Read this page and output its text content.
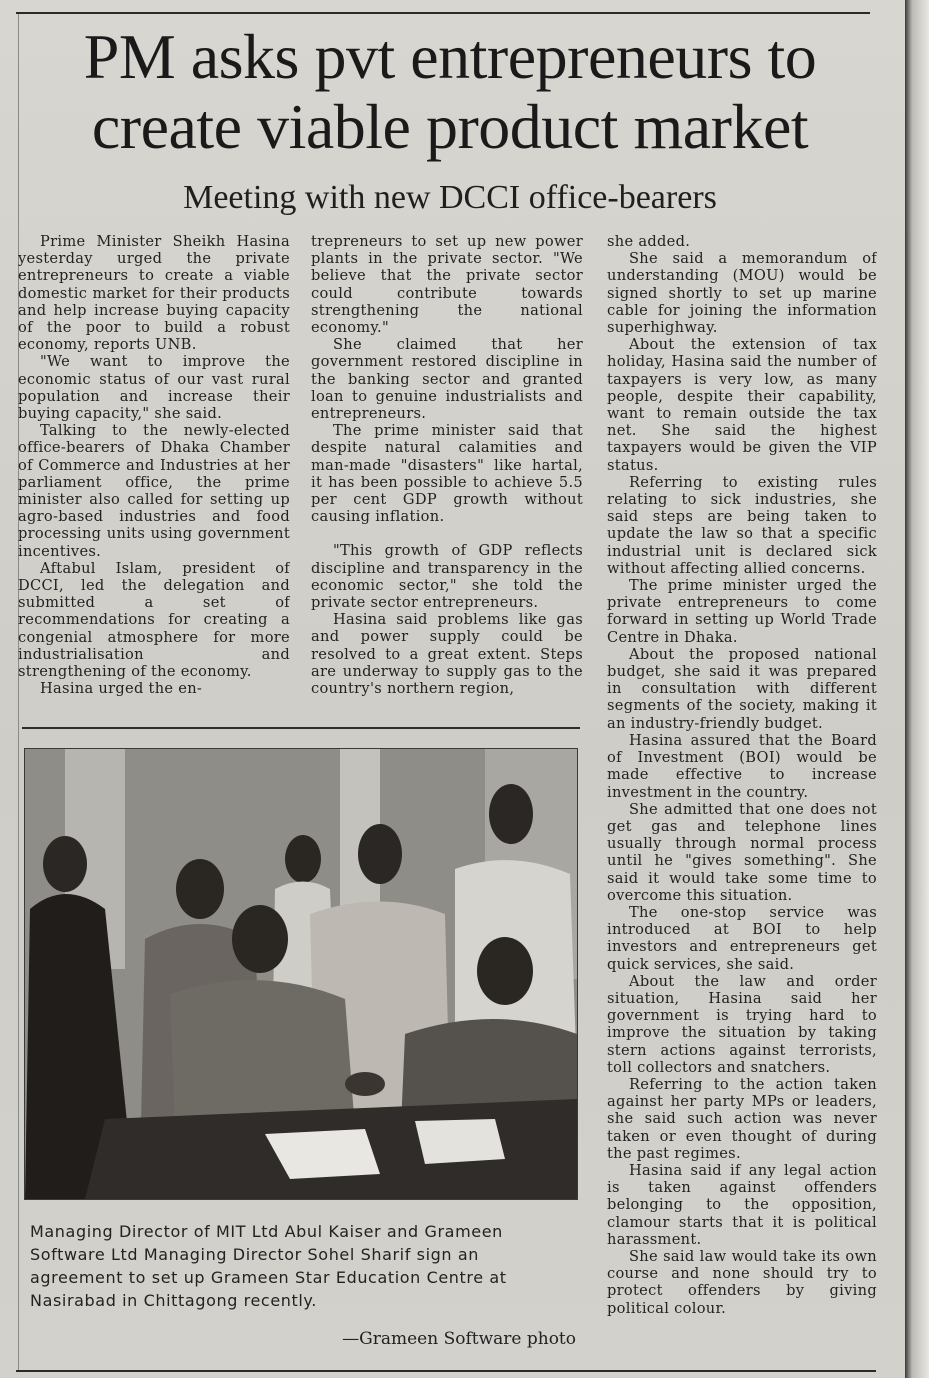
PM asks pvt entrepreneurs to create viable product market
Meeting with new DCCI office-bearers

Prime Minister Sheikh Hasina yesterday urged the private entrepreneurs to create a viable domestic market for their products and help increase buying capacity of the poor to build a robust economy, reports UNB.

"We want to improve the economic status of our vast rural population and increase their buying capacity," she said.

Talking to the newly-elected office-bearers of Dhaka Chamber of Commerce and Industries at her parliament office, the prime minister also called for setting up agro-based industries and food processing units using government incentives.

Aftabul Islam, president of DCCI, led the delegation and submitted a set of recommendations for creating a congenial atmosphere for more industrialisation and strengthening of the economy.

Hasina urged the en-

trepreneurs to set up new power plants in the private sector. "We believe that the private sector could contribute towards strengthening the national economy."

She claimed that her government restored discipline in the banking sector and granted loan to genuine industrialists and entrepreneurs.

The prime minister said that despite natural calamities and man-made "disasters" like hartal, it has been possible to achieve 5.5 per cent GDP growth without causing inflation.

"This growth of GDP reflects discipline and transparency in the economic sector," she told the private sector entrepreneurs.

Hasina said problems like gas and power supply could be resolved to a great extent. Steps are underway to supply gas to the country's northern region,

she added.

She said a memorandum of understanding (MOU) would be signed shortly to set up marine cable for joining the information superhighway.

About the extension of tax holiday, Hasina said the number of taxpayers is very low, as many people, despite their capability, want to remain outside the tax net. She said the highest taxpayers would be given the VIP status.

Referring to existing rules relating to sick industries, she said steps are being taken to update the law so that a specific industrial unit is declared sick without affecting allied concerns.

The prime minister urged the private entrepreneurs to come forward in setting up World Trade Centre in Dhaka.

About the proposed national budget, she said it was prepared in consultation with different segments of the society, making it an industry-friendly budget.

Hasina assured that the Board of Investment (BOI) would be made effective to increase investment in the country.

She admitted that one does not get gas and telephone lines usually through normal process until he "gives something". She said it would take some time to overcome this situation.

The one-stop service was introduced at BOI to help investors and entrepreneurs get quick services, she said.

About the law and order situation, Hasina said her government is trying hard to improve the situation by taking stern actions against terrorists, toll collectors and snatchers.

Referring to the action taken against her party MPs or leaders, she said such action was never taken or even thought of during the past regimes.

Hasina said if any legal action is taken against offenders belonging to the opposition, clamour starts that it is political harassment.

She said law would take its own course and none should try to protect offenders by giving political colour.

Managing Director of MIT Ltd Abul Kaiser and Grameen Software Ltd Managing Director Sohel Sharif sign an agreement to set up Grameen Star Education Centre at Nasirabad in Chittagong recently.

—Grameen Software photo
